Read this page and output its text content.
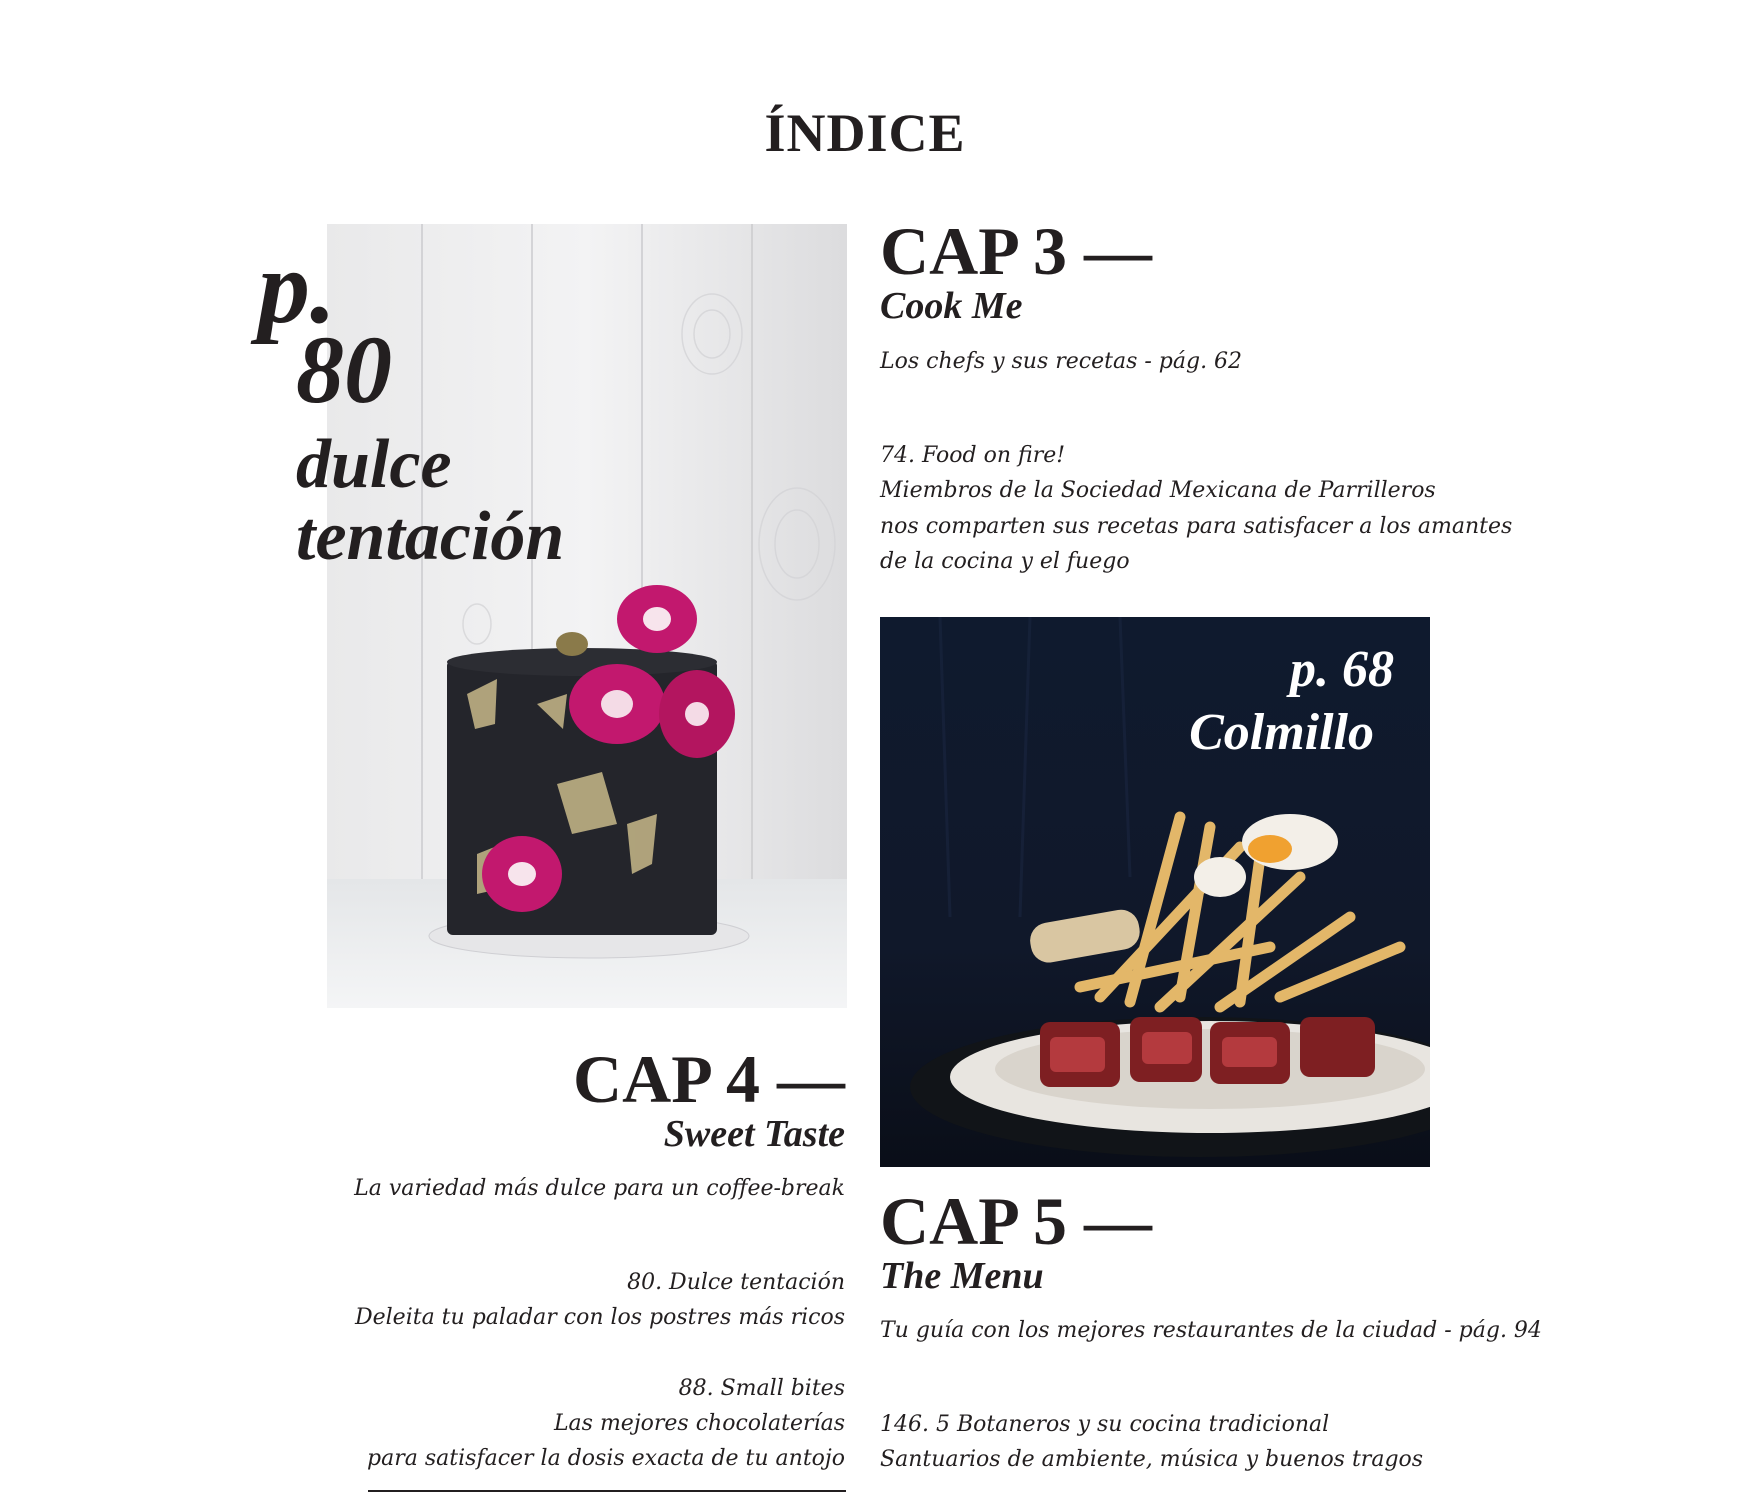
ÍNDICE
p.
80
dulce
tentación
CAP 3 —
Cook Me
Los chefs y sus recetas - pág. 62
74. Food on fire!
Miembros de la Sociedad Mexicana de Parrilleros
nos comparten sus recetas para satisfacer a los amantes
de la cocina y el fuego
p. 68
Colmillo
CAP 4 —
Sweet Taste
La variedad más dulce para un coffee-break
80. Dulce tentación
Deleita tu paladar con los postres más ricos
88. Small bites
Las mejores chocolaterías
para satisfacer la dosis exacta de tu antojo
CAP 5 —
The Menu
Tu guía con los mejores restaurantes de la ciudad - pág. 94
146. 5 Botaneros y su cocina tradicional
Santuarios de ambiente, música y buenos tragos
